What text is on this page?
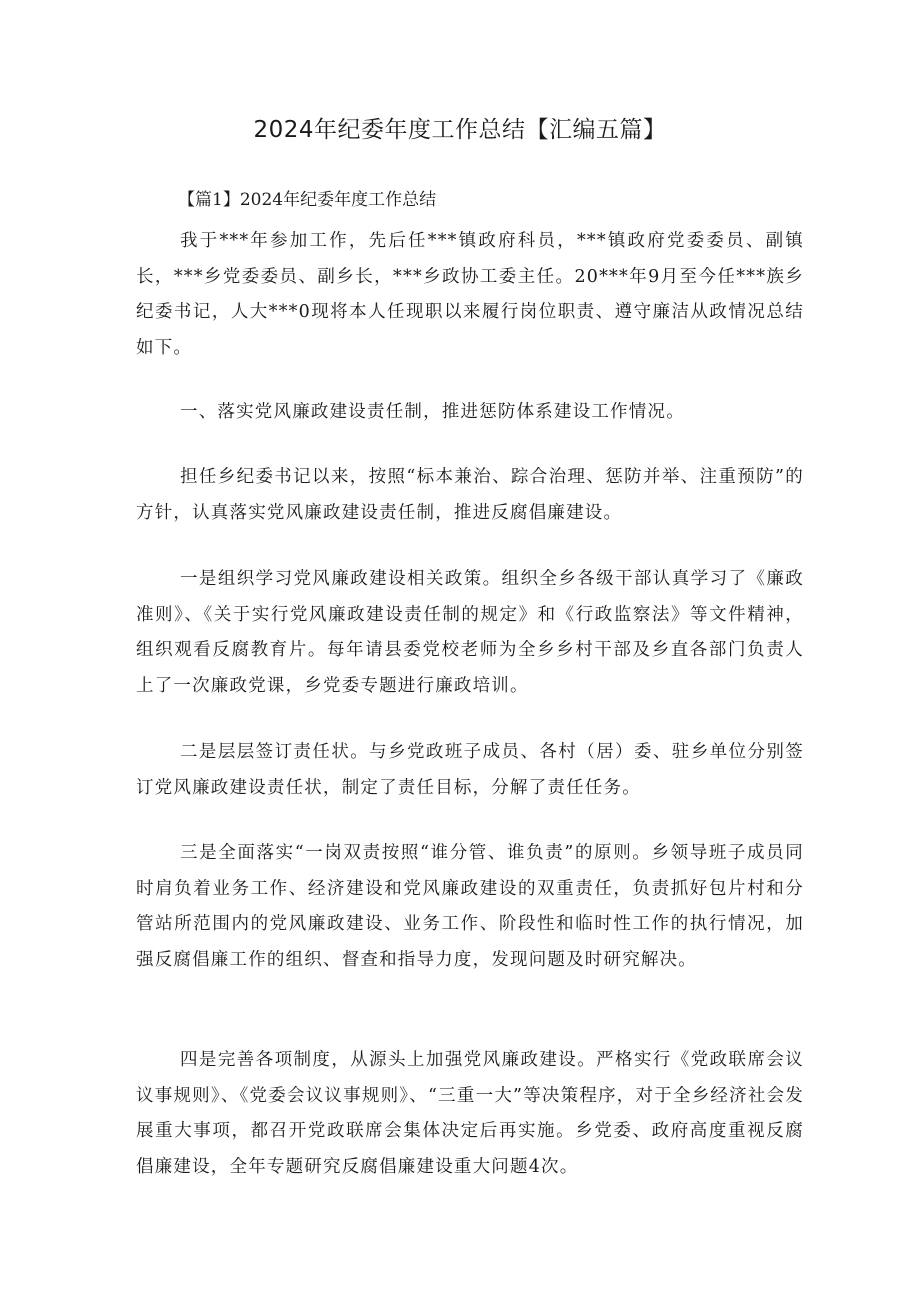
2024年纪委年度工作总结【汇编五篇】

【篇1】2024年纪委年度工作总结

我于***年参加工作，先后任***镇政府科员，***镇政府党委委员、副镇长，***乡党委委员、副乡长，***乡政协工委主任。20***年9月至今任***族乡纪委书记，人大***0现将本人任现职以来履行岗位职责、遵守廉洁从政情况总结如下。

一、落实党风廉政建设责任制，推进惩防体系建设工作情况。

担任乡纪委书记以来，按照“标本兼治、踪合治理、惩防并举、注重预防”的方针，认真落实党风廉政建设责任制，推进反腐倡廉建设。

一是组织学习党风廉政建设相关政策。组织全乡各级干部认真学习了《廉政准则》、《关于实行党风廉政建设责任制的规定》和《行政监察法》等文件精神，组织观看反腐教育片。每年请县委党校老师为全乡乡村干部及乡直各部门负责人上了一次廉政党课，乡党委专题进行廉政培训。

二是层层签订责任状。与乡党政班子成员、各村（居）委、驻乡单位分别签订党风廉政建设责任状，制定了责任目标，分解了责任任务。

三是全面落实“一岗双责按照“谁分管、谁负责”的原则。乡领导班子成员同时肩负着业务工作、经济建设和党风廉政建设的双重责任，负责抓好包片村和分管站所范围内的党风廉政建设、业务工作、阶段性和临时性工作的执行情况，加强反腐倡廉工作的组织、督查和指导力度，发现问题及时研究解决。

四是完善各项制度，从源头上加强党风廉政建设。严格实行《党政联席会议议事规则》、《党委会议议事规则》、“三重一大”等决策程序，对于全乡经济社会发展重大事项，都召开党政联席会集体决定后再实施。乡党委、政府高度重视反腐倡廉建设，全年专题研究反腐倡廉建设重大问题4次。
